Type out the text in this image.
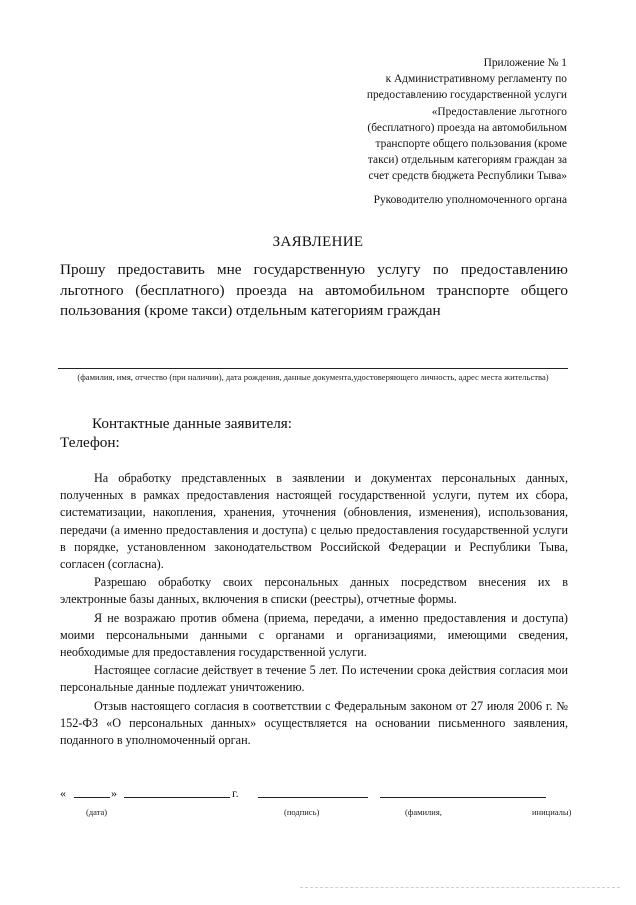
Приложение № 1
к Административному регламенту по
предоставлению государственной услуги
«Предоставление льготного
(бесплатного) проезда на автомобильном
транспорте общего пользования (кроме
такси) отдельным категориям граждан за
счет средств бюджета Республики Тыва»
Руководителю уполномоченного органа
ЗАЯВЛЕНИЕ
Прошу предоставить мне государственную услугу по предоставлению
льготного (бесплатного) проезда на автомобильном транспорте общего
пользования (кроме такси) отдельным категориям граждан
(фамилия, имя, отчество (при наличии), дата рождения, данные документа,удостоверяющего личность, адрес места жительства)
Контактные данные заявителя:
Телефон:

На обработку представленных в заявлении и документах персональных данных, полученных в рамках предоставления настоящей государственной услуги, путем их сбора, систематизации, накопления, хранения, уточнения (обновления, изменения), использования, передачи (а именно предоставления и доступа) с целью предоставления государственной услуги в порядке, установленном законодательством Российской Федерации и Республики Тыва, согласен (согласна).

Разрешаю обработку своих персональных данных посредством внесения их в электронные базы данных, включения в списки (реестры), отчетные формы.

Я не возражаю против обмена (приема, передачи, а именно предоставления и доступа) моими персональными данными с органами и организациями, имеющими сведения, необходимые для предоставления государственной услуги.

Настоящее согласие действует в течение 5 лет. По истечении срока действия согласия мои персональные данные подлежат уничтожению.

Отзыв настоящего согласия в соответствии с Федеральным законом от 27 июля 2006 г. № 152-ФЗ «О персональных данных» осуществляется на основании письменного заявления, поданного в уполномоченный орган.

«	»	г.
(дата)	(подпись)	(фамилия,	инициалы)
